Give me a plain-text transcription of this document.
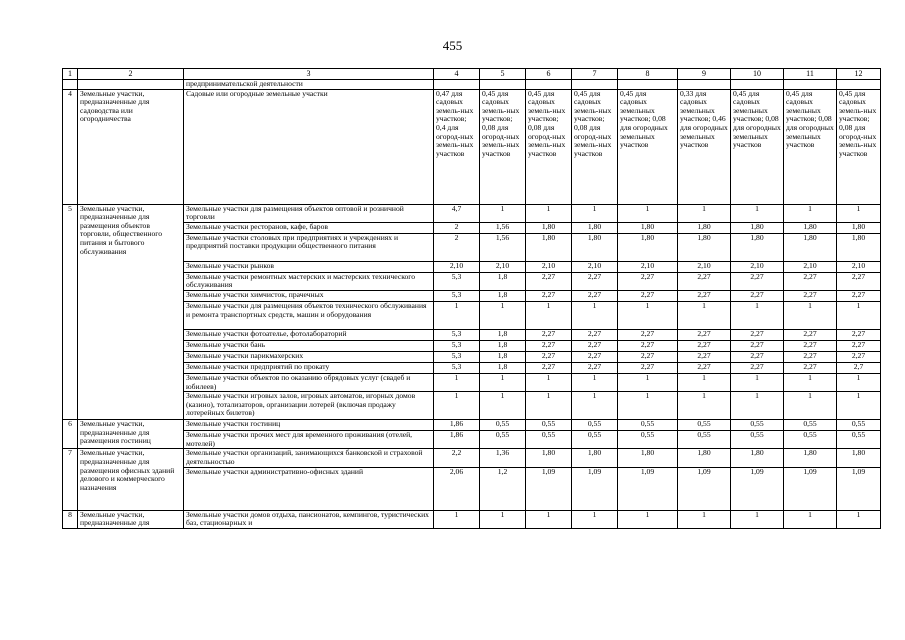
455
1	2	3	4	5	6	7	8	9	10	11	12
		предпринимательской деятельности									
4	Земельные участки, предназначенные для садоводства или огородничества	Садовые или огородные земельные участки	0,47 для садовых земель-ных участков; 0,4 для огород-ных земель-ных участков	0,45 для садовых земель-ных участков; 0,08 для огород-ных земель-ных участков	0,45 для садовых земель-ных участков; 0,08 для огород-ных земель-ных участков	0,45 для садовых земель-ных участков; 0,08 для огород-ных земель-ных участков	0,45 для садовых земельных участков; 0,08 для огородных земельных участков	0,33 для садовых земельных участков; 0,46 для огородных земельных участков	0,45 для садовых земельных участков; 0,08 для огородных земельных участков	0,45 для садовых земельных участков; 0,08 для огородных земельных участков	0,45 для садовых земель-ных участков; 0,08 для огород-ных земель-ных участков
5	Земельные участки, предназначенные для размещения объектов торговли, общественного питания и бытового обслуживания	Земельные участки для размещения объектов оптовой и розничной торговли	4,7	1	1	1	1	1	1	1	1
		Земельные участки ресторанов, кафе, баров	2	1,56	1,80	1,80	1,80	1,80	1,80	1,80	1,80
		Земельные участки столовых при предприятиях и учреждениях и предприятий поставки продукции общественного питания	2	1,56	1,80	1,80	1,80	1,80	1,80	1,80	1,80
		Земельные участки рынков	2,10	2,10	2,10	2,10	2,10	2,10	2,10	2,10	2,10
		Земельные участки ремонтных мастерских и мастерских технического обслуживания	5,3	1,8	2,27	2,27	2,27	2,27	2,27	2,27	2,27
		Земельные участки химчисток, прачечных	5,3	1,8	2,27	2,27	2,27	2,27	2,27	2,27	2,27
		Земельные участки для размещения объектов технического обслуживания и ремонта транспортных средств, машин и оборудования	1	1	1	1	1	1	1	1	1
		Земельные участки фотоателье, фотолабораторий	5,3	1,8	2,27	2,27	2,27	2,27	2,27	2,27	2,27
		Земельные участки бань	5,3	1,8	2,27	2,27	2,27	2,27	2,27	2,27	2,27
		Земельные участки парикмахерских	5,3	1,8	2,27	2,27	2,27	2,27	2,27	2,27	2,27
		Земельные участки предприятий по прокату	5,3	1,8	2,27	2,27	2,27	2,27	2,27	2,27	2,7
		Земельные участки объектов по оказанию обрядовых услуг (свадеб и юбилеев)	1	1	1	1	1	1	1	1	1
		Земельные участки игровых залов, игровых автоматов, игорных домов (казино), тотализаторов, организации лотерей (включая продажу лотерейных билетов)	1	1	1	1	1	1	1	1	1
6	Земельные участки, предназначенные для размещения гостиниц	Земельные участки гостиниц	1,86	0,55	0,55	0,55	0,55	0,55	0,55	0,55	0,55
		Земельные участки прочих мест для временного проживания (отелей, мотелей)	1,86	0,55	0,55	0,55	0,55	0,55	0,55	0,55	0,55
7	Земельные участки, предназначенные для размещения офисных зданий делового и коммерческого назначения	Земельные участки организаций, занимающихся банковской и страховой деятельностью	2,2	1,36	1,80	1,80	1,80	1,80	1,80	1,80	1,80
		Земельные участки административно-офисных зданий	2,06	1,2	1,09	1,09	1,09	1,09	1,09	1,09	1,09
8	Земельные участки, предназначенные для	Земельные участки домов отдыха, пансионатов, кемпингов, туристических баз, стационарных и	1	1	1	1	1	1	1	1	1
